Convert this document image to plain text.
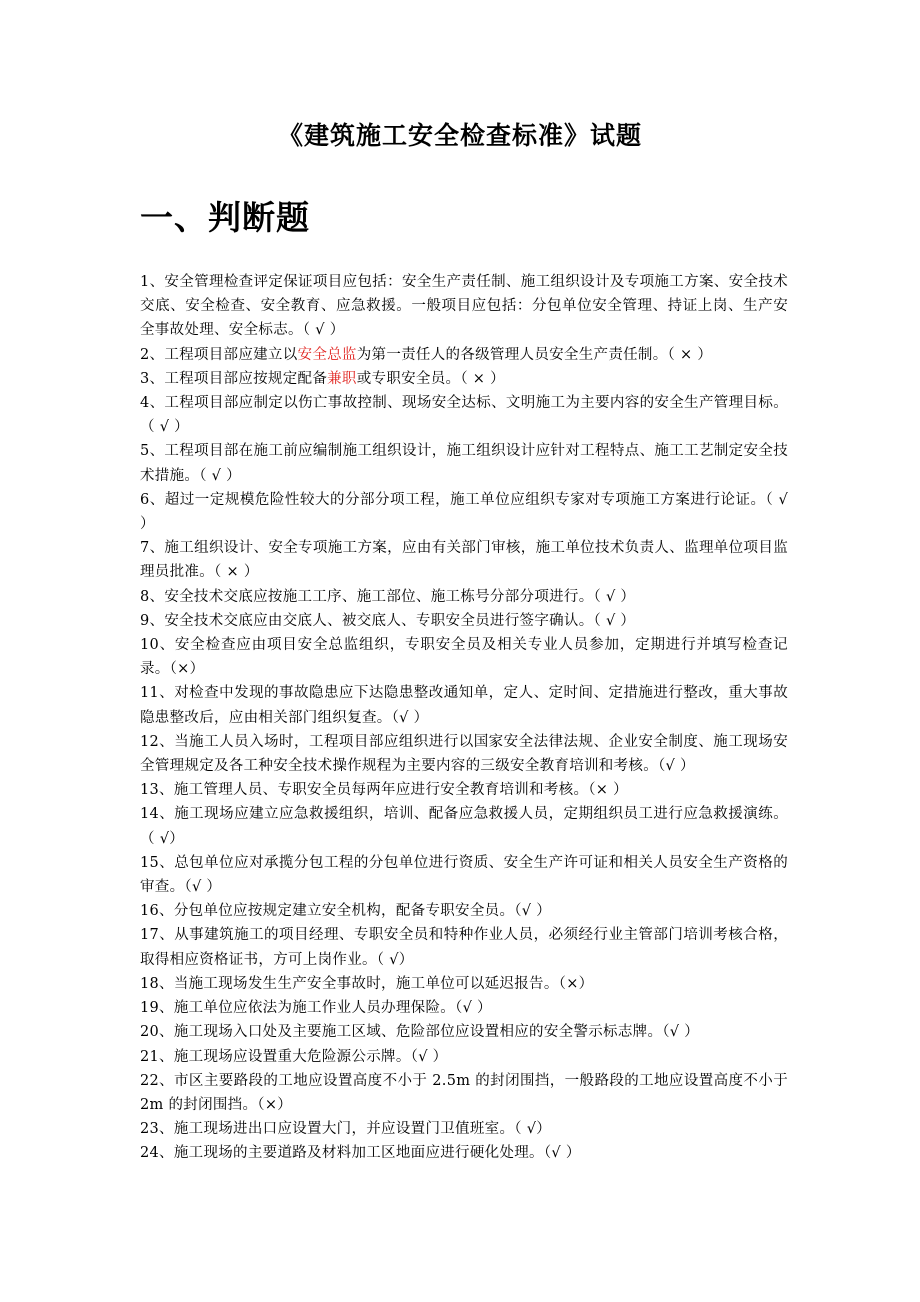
《建筑施工安全检查标准》试题
一、判断题

1、安全管理检查评定保证项目应包括：安全生产责任制、施工组织设计及专项施工方案、安全技术交底、安全检查、安全教育、应急救援。一般项目应包括：分包单位安全管理、持证上岗、生产安全事故处理、安全标志。（ √ ）

2、工程项目部应建立以安全总监为第一责任人的各级管理人员安全生产责任制。（ × ）

3、工程项目部应按规定配备兼职或专职安全员。（ × ）

4、工程项目部应制定以伤亡事故控制、现场安全达标、文明施工为主要内容的安全生产管理目标。（ √ ）

5、工程项目部在施工前应编制施工组织设计，施工组织设计应针对工程特点、施工工艺制定安全技术措施。（ √ ）

6、超过一定规模危险性较大的分部分项工程，施工单位应组织专家对专项施工方案进行论证。（ √ ）

7、施工组织设计、安全专项施工方案，应由有关部门审核，施工单位技术负责人、监理单位项目监理员批准。（ × ）

8、安全技术交底应按施工工序、施工部位、施工栋号分部分项进行。（ √ ）

9、安全技术交底应由交底人、被交底人、专职安全员进行签字确认。（ √ ）

10、安全检查应由项目安全总监组织，专职安全员及相关专业人员参加，定期进行并填写检查记录。（×）

11、对检查中发现的事故隐患应下达隐患整改通知单，定人、定时间、定措施进行整改，重大事故隐患整改后，应由相关部门组织复查。（√ ）

12、当施工人员入场时，工程项目部应组织进行以国家安全法律法规、企业安全制度、施工现场安全管理规定及各工种安全技术操作规程为主要内容的三级安全教育培训和考核。（√ ）

13、施工管理人员、专职安全员每两年应进行安全教育培训和考核。（× ）

14、施工现场应建立应急救援组织，培训、配备应急救援人员，定期组织员工进行应急救援演练。（ √）

15、总包单位应对承揽分包工程的分包单位进行资质、安全生产许可证和相关人员安全生产资格的审查。（√ ）

16、分包单位应按规定建立安全机构，配备专职安全员。（√ ）

17、从事建筑施工的项目经理、专职安全员和特种作业人员，必须经行业主管部门培训考核合格，取得相应资格证书，方可上岗作业。（ √）

18、当施工现场发生生产安全事故时，施工单位可以延迟报告。（×）

19、施工单位应依法为施工作业人员办理保险。（√ ）

20、施工现场入口处及主要施工区域、危险部位应设置相应的安全警示标志牌。（√ ）

21、施工现场应设置重大危险源公示牌。（√ ）

22、市区主要路段的工地应设置高度不小于 2.5m 的封闭围挡，一般路段的工地应设置高度不小于 2m 的封闭围挡。（×）

23、施工现场进出口应设置大门，并应设置门卫值班室。（ √）

24、施工现场的主要道路及材料加工区地面应进行硬化处理。（√ ）
